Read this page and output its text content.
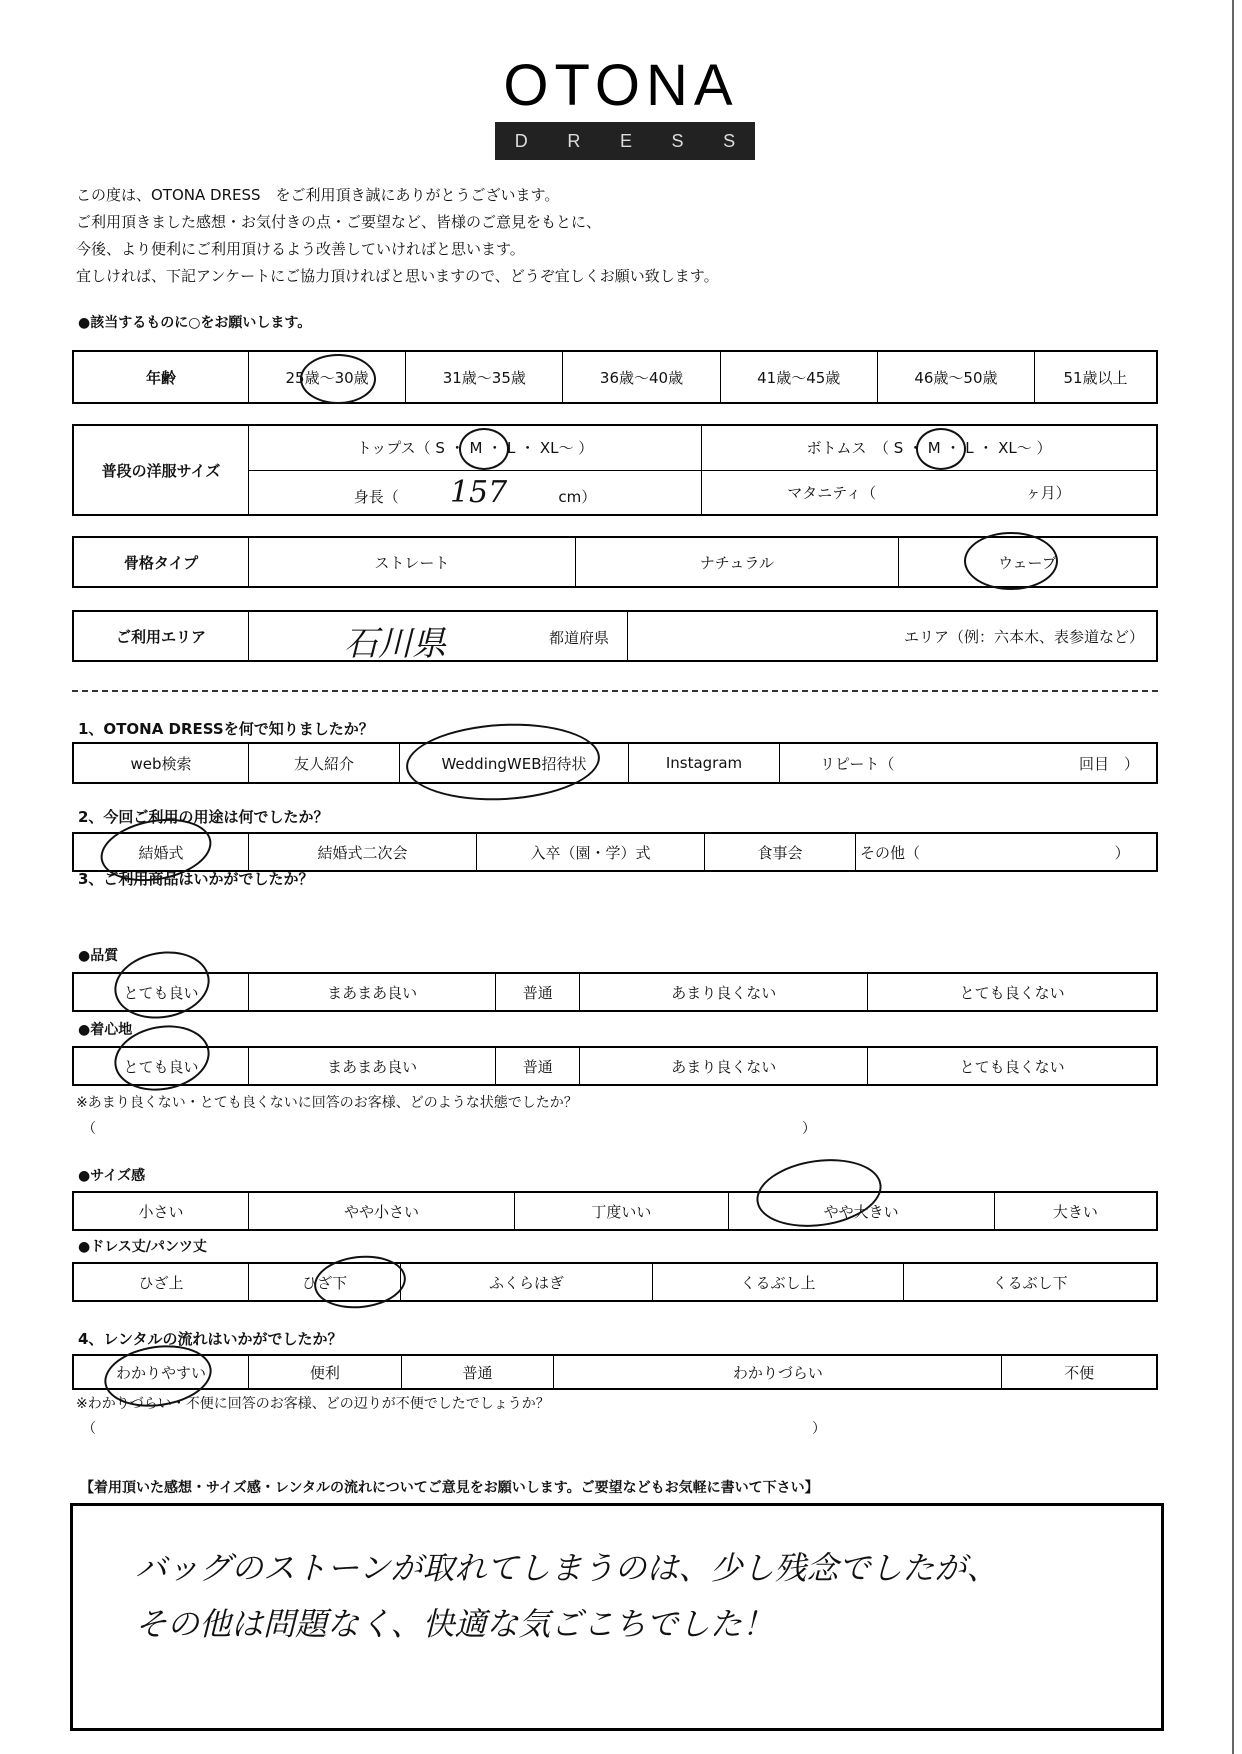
OTONA
D R E S S
この度は、OTONA DRESS　をご利用頂き誠にありがとうございます。
ご利用頂きました感想・お気付きの点・ご要望など、皆様のご意見をもとに、
今後、より便利にご利用頂けるよう改善していければと思います。
宜しければ、下記アンケートにご協力頂ければと思いますので、どうぞ宜しくお願い致します。
●該当するものに○をお願いします。
年齢	25歳～30歳	31歳～35歳	36歳～40歳	41歳～45歳	46歳～50歳	51歳以上
普段の洋服サイズ	トップス（ S ・ M ・ L ・ XL～ ）	ボトムス　（ S ・ M ・ L ・ XL～ ）
	身長（ 157 cm）	マタニティ（ ヶ月）
骨格タイプ	ストレート	ナチュラル	ウェーブ
ご利用エリア	石川県	都道府県	エリア（例：六本木、表参道など）
1、OTONA DRESSを何で知りましたか？
web検索	友人紹介	WeddingWEB招待状	Instagram	リピート（	回目　）
2、今回ご利用の用途は何でしたか？
結婚式	結婚式二次会	入卒（園・学）式	食事会	その他（	）
3、ご利用商品はいかがでしたか？
●品質
とても良い	まあまあ良い	普通	あまり良くない	とても良くない
●着心地
とても良い	まあまあ良い	普通	あまり良くない	とても良くない
※あまり良くない・とても良くないに回答のお客様、どのような状態でしたか？
（	）
●サイズ感
小さい	やや小さい	丁度いい	やや大きい	大きい
●ドレス丈/パンツ丈
ひざ上	ひざ下	ふくらはぎ	くるぶし上	くるぶし下
4、レンタルの流れはいかがでしたか？
わかりやすい	便利	普通	わかりづらい	不便
※わかりづらい・不便に回答のお客様、どの辺りが不便でしたでしょうか？
（	）
【着用頂いた感想・サイズ感・レンタルの流れについてご意見をお願いします。ご要望などもお気軽に書いて下さい】
バッグのストーンが取れてしまうのは、少し残念でしたが、
その他は問題なく、快適な気ごこちでした！
